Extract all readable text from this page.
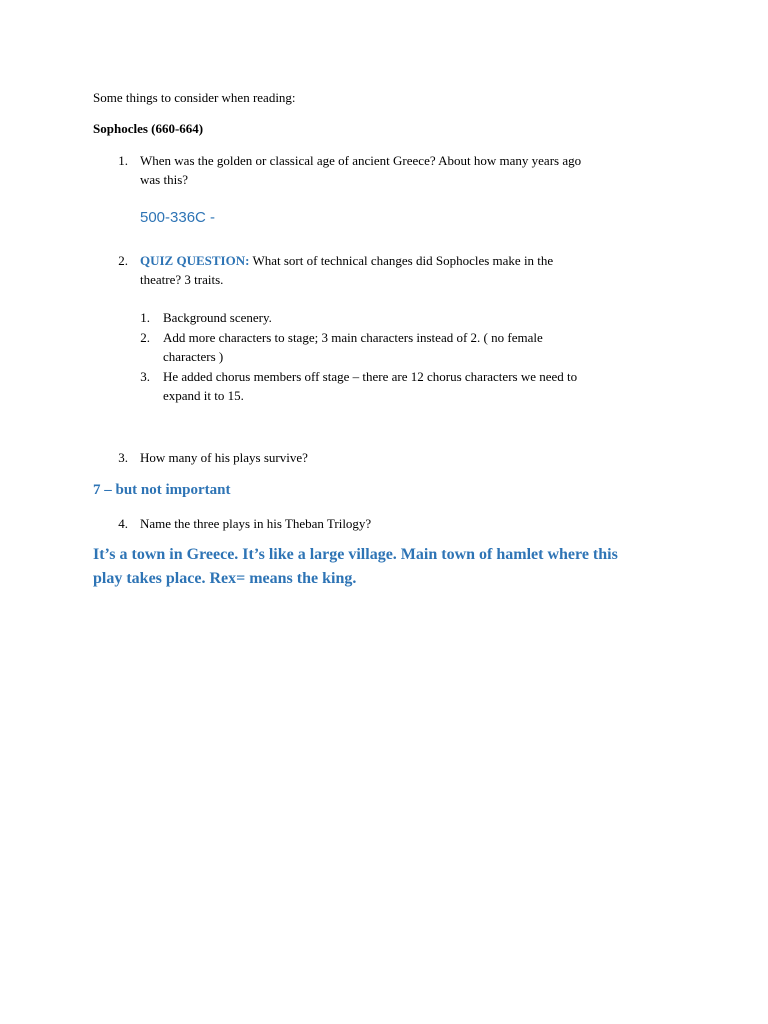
Some things to consider when reading:
Sophocles (660-664)
1. When was the golden or classical age of ancient Greece? About how many years ago
was this?
500-336C -
2. QUIZ QUESTION: What sort of technical changes did Sophocles make in the
theatre? 3 traits.
1. Background scenery.
2. Add more characters to stage; 3 main characters instead of 2. ( no female
characters )
3. He added chorus members off stage – there are 12 chorus characters we need to
expand it to 15.
3. How many of his plays survive?
7 – but not important
4. Name the three plays in his Theban Trilogy?
It’s a town in Greece. It’s like a large village. Main town of hamlet where this
play takes place. Rex= means the king.
